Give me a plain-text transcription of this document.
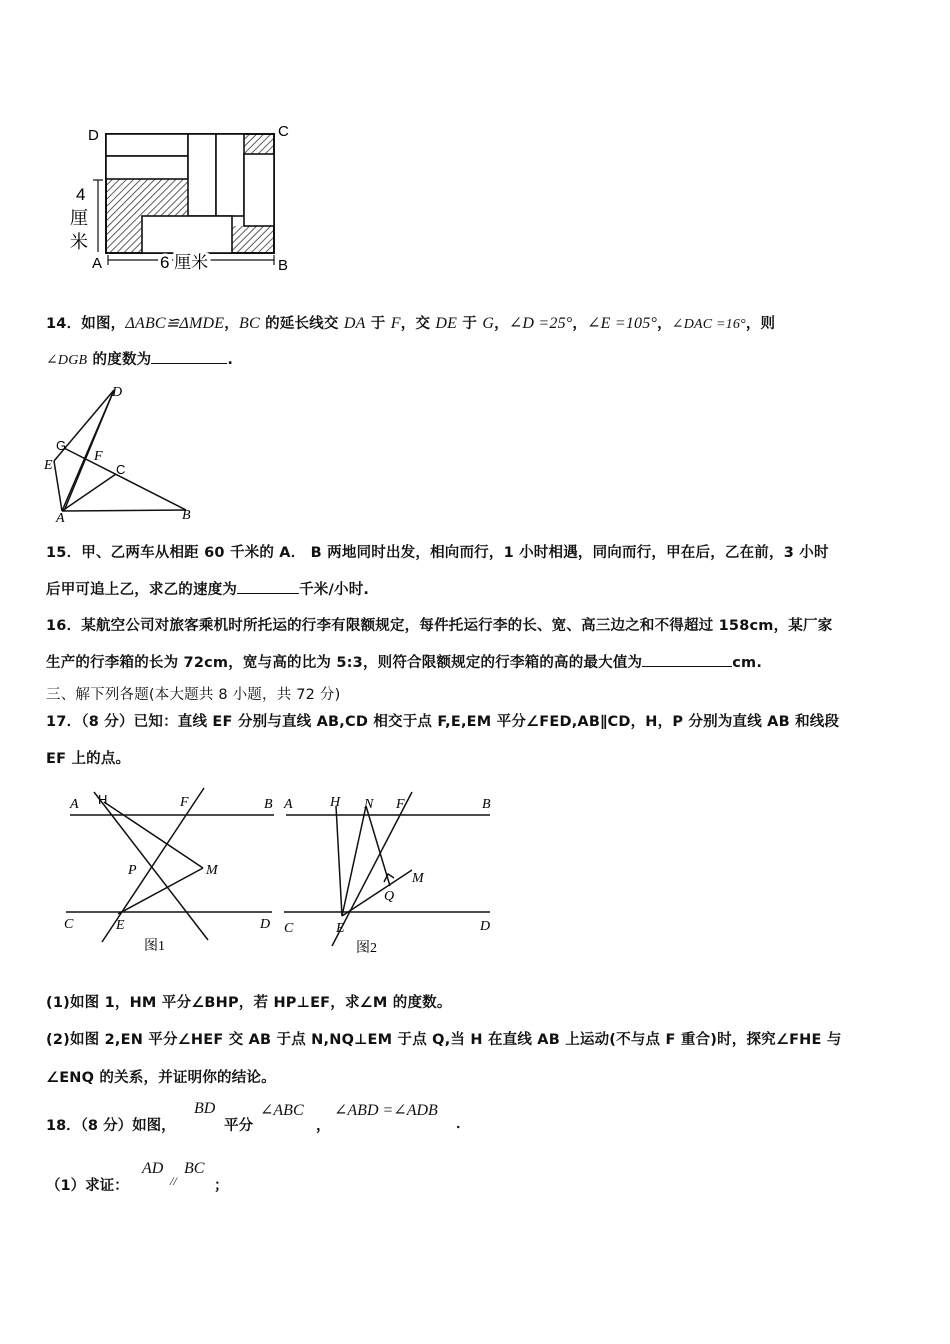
D	C
A	B
4
厘
米
6 厘米
14．如图，ΔABC≌ΔMDE，BC 的延长线交 DA 于 F，交 DE 于 G，∠D =25°，∠E =105°，∠DAC =16°，则
∠DGB 的度数为	.
D
G
E
F
C
A	B
15．甲、乙两车从相距 60 千米的 A． B 两地同时出发，相向而行，1 小时相遇，同向而行，甲在后，乙在前，3 小时
后甲可追上乙，求乙的速度为	千米/小时.
16．某航空公司对旅客乘机时所托运的行李有限额规定，每件托运行李的长、宽、高三边之和不得超过 158cm，某厂家
生产的行李箱的长为 72cm，宽与高的比为 5:3，则符合限额规定的行李箱的高的最大值为	cm.
三、解下列各题(本大题共 8 小题，共 72 分)
17．（8 分）已知：直线 EF 分别与直线 AB,CD 相交于点 F,E,EM 平分∠FED,AB∥CD，H，P 分别为直线 AB 和线段
EF 上的点。
A H	F	B
P	M
C	E	D
图1
A	H N F	B
M
Q
C	E	D
图2
(1)如图 1，HM 平分∠BHP，若 HP⊥EF，求∠M 的度数。
(2)如图 2,EN 平分∠HEF 交 AB 于点 N,NQ⊥EM 于点 Q,当 H 在直线 AB 上运动(不与点 F 重合)时，探究∠FHE 与
∠ENQ 的关系，并证明你的结论。
18．（8 分）如图，
BD
平分
∠ABC
，
∠ABD =∠ADB
．
（1）求证：
AD
//
BC
；
